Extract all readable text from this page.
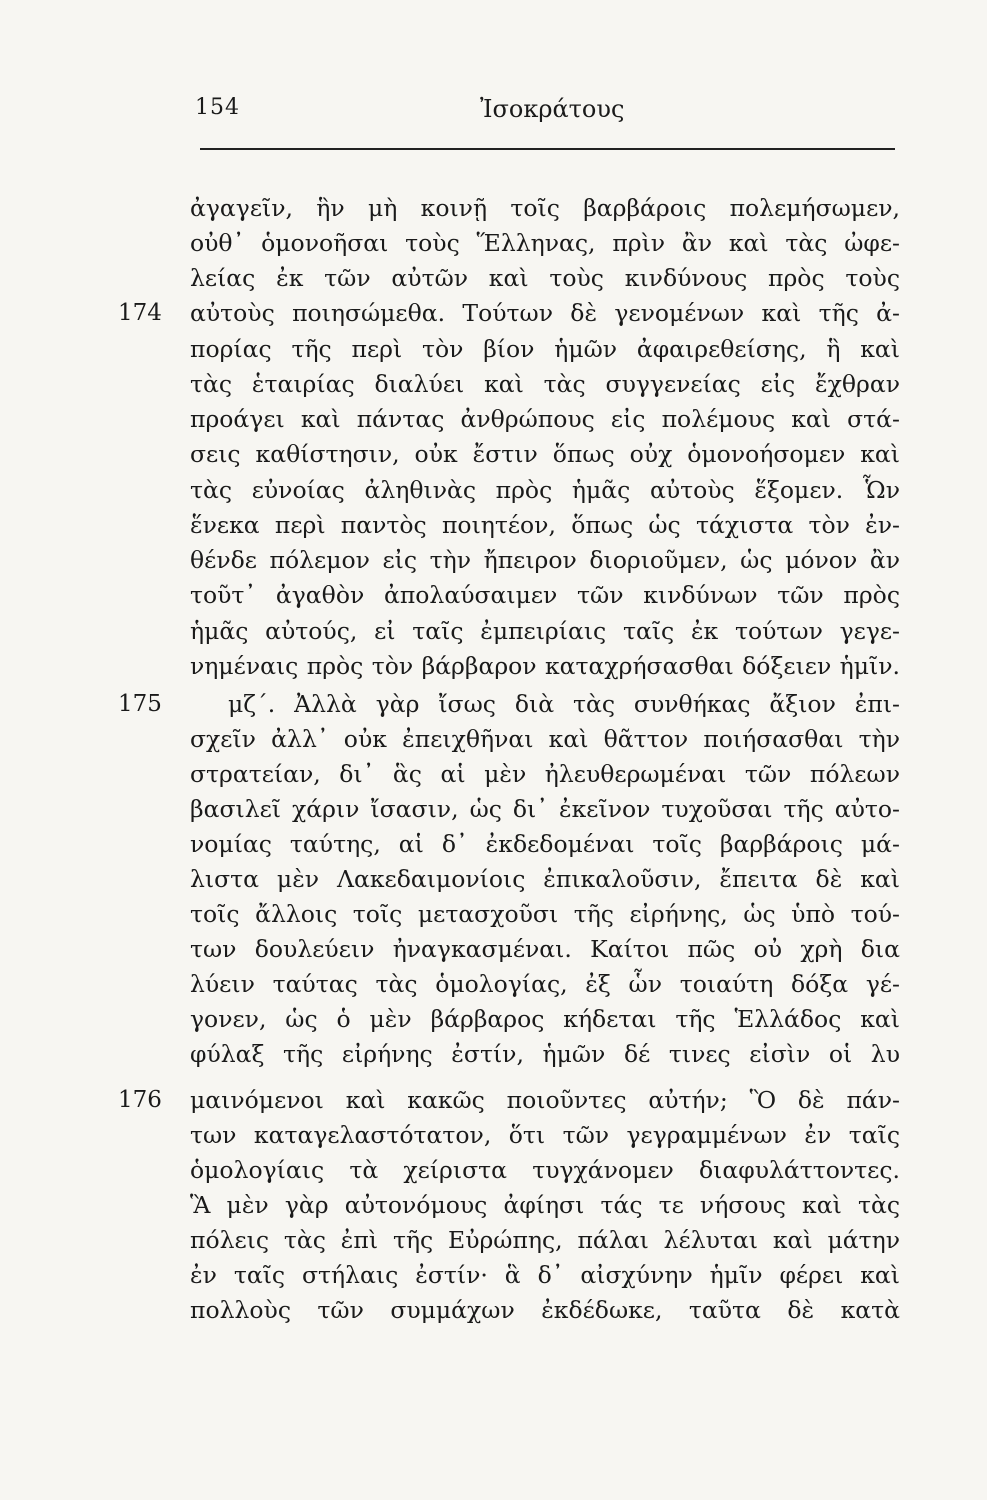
154	Ἰσοκράτους
174
175
176
ἀγαγεῖν, ἣν μὴ κοινῇ τοῖς βαρβάροις πολεμήσωμεν,
οὐθ᾿ ὁμονοῆσαι τοὺς Ἕλληνας, πρὶν ἂν καὶ τὰς ὠφε-
λείας ἐκ τῶν αὐτῶν καὶ τοὺς κινδύνους πρὸς τοὺς
αὐτοὺς ποιησώμεθα. Τούτων δὲ γενομένων καὶ τῆς ἀ-
πορίας τῆς περὶ τὸν βίον ἡμῶν ἀφαιρεθείσης, ἣ καὶ
τὰς ἑταιρίας διαλύει καὶ τὰς συγγενείας εἰς ἔχθραν
προάγει καὶ πάντας ἀνθρώπους εἰς πολέμους καὶ στά-
σεις καθίστησιν, οὐκ ἔστιν ὅπως οὐχ ὁμονοήσομεν καὶ
τὰς εὐνοίας ἀληθινὰς πρὸς ἡμᾶς αὐτοὺς ἕξομεν. Ὧν
ἕνεκα περὶ παντὸς ποιητέον, ὅπως ὡς τάχιστα τὸν ἐν-
θένδε πόλεμον εἰς τὴν ἤπειρον διοριοῦμεν, ὡς μόνον ἂν
τοῦτ᾿ ἀγαθὸν ἀπολαύσαιμεν τῶν κινδύνων τῶν πρὸς
ἡμᾶς αὐτούς, εἰ ταῖς ἐμπειρίαις ταῖς ἐκ τούτων γεγε-
νημέναις πρὸς τὸν βάρβαρον καταχρήσασθαι δόξειεν ἡμῖν.
μζ΄. Ἀλλὰ γὰρ ἴσως διὰ τὰς συνθήκας ἄξιον ἐπι-
σχεῖν ἀλλ᾿ οὐκ ἐπειχθῆναι καὶ θᾶττον ποιήσασθαι τὴν
στρατείαν, δι᾿ ἃς αἱ μὲν ἠλευθερωμέναι τῶν πόλεων
βασιλεῖ χάριν ἴσασιν, ὡς δι᾿ ἐκεῖνον τυχοῦσαι τῆς αὐτο-
νομίας ταύτης, αἱ δ᾿ ἐκδεδομέναι τοῖς βαρβάροις μά-
λιστα μὲν Λακεδαιμονίοις ἐπικαλοῦσιν, ἔπειτα δὲ καὶ
τοῖς ἄλλοις τοῖς μετασχοῦσι τῆς εἰρήνης, ὡς ὑπὸ τού-
των δουλεύειν ἠναγκασμέναι. Καίτοι πῶς οὐ χρὴ δια
λύειν ταύτας τὰς ὁμολογίας, ἐξ ὧν τοιαύτη δόξα γέ-
γονεν, ὡς ὁ μὲν βάρβαρος κήδεται τῆς Ἑλλάδος καὶ
φύλαξ τῆς εἰρήνης ἐστίν, ἡμῶν δέ τινες εἰσὶν οἱ λυ
μαινόμενοι καὶ κακῶς ποιοῦντες αὐτήν; Ὃ δὲ πάν-
των καταγελαστότατον, ὅτι τῶν γεγραμμένων ἐν ταῖς
ὁμολογίαις τὰ χείριστα τυγχάνομεν διαφυλάττοντες.
Ἃ μὲν γὰρ αὐτονόμους ἀφίησι τάς τε νήσους καὶ τὰς
πόλεις τὰς ἐπὶ τῆς Εὐρώπης, πάλαι λέλυται καὶ μάτην
ἐν ταῖς στήλαις ἐστίν· ἃ δ᾿ αἰσχύνην ἡμῖν φέρει καὶ
πολλοὺς τῶν συμμάχων ἐκδέδωκε, ταῦτα δὲ κατὰ
